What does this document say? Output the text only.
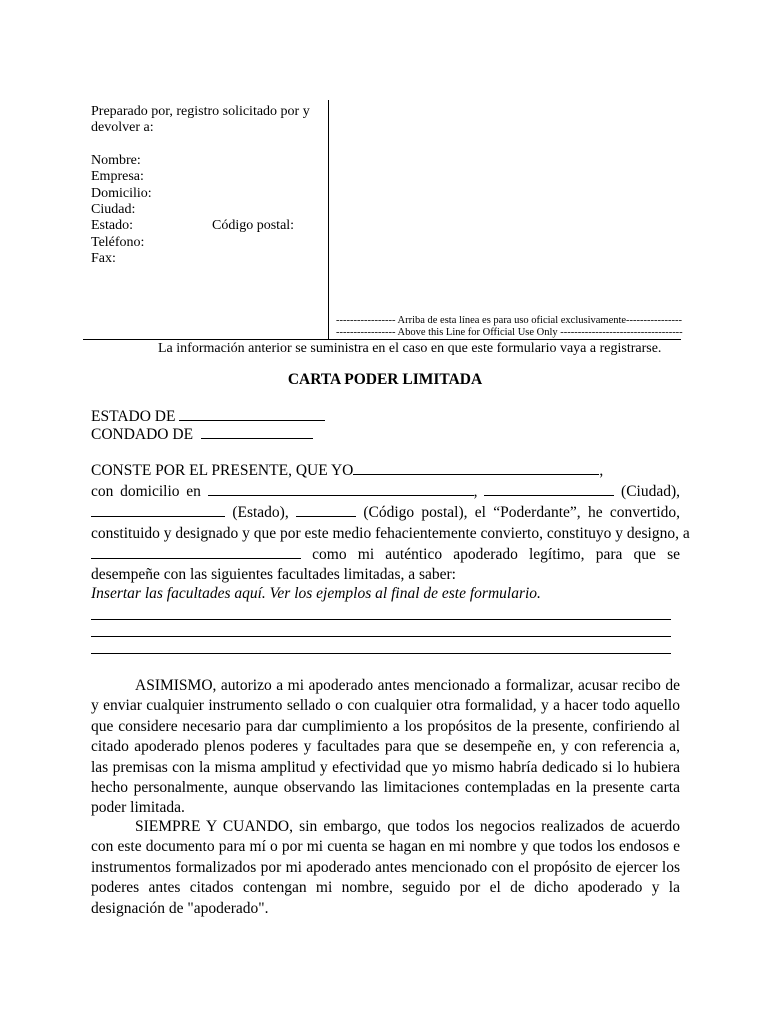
Preparado por, registro solicitado por y
devolver a:
Nombre:
Empresa:
Domicilio:
Ciudad:
Estado:	Código postal:
Teléfono:
Fax:
----------------- Arriba de esta línea es para uso oficial exclusivamente----------------
----------------- Above this Line for Official Use Only -----------------------------------
La información anterior se suministra en el caso en que este formulario vaya a registrarse.
CARTA PODER LIMITADA
ESTADO DE
CONDADO DE
CONSTE POR EL PRESENTE, QUE YO	,
con domicilio en	,	(Ciudad),
(Estado),	(Código postal), el “Poderdante”, he convertido,
constituido y designado y que por este medio fehacientemente convierto, constituyo y designo, a
como mi auténtico apoderado legítimo, para que se
desempeñe con las siguientes facultades limitadas, a saber:
Insertar las facultades aquí. Ver los ejemplos al final de este formulario.
ASIMISMO, autorizo a mi apoderado antes mencionado a formalizar, acusar recibo de y enviar cualquier instrumento sellado o con cualquier otra formalidad, y a hacer todo aquello que considere necesario para dar cumplimiento a los propósitos de la presente, confiriendo al citado apoderado plenos poderes y facultades para que se desempeñe en, y con referencia a, las premisas con la misma amplitud y efectividad que yo mismo habría dedicado si lo hubiera hecho personalmente, aunque observando las limitaciones contempladas en la presente carta poder limitada.
SIEMPRE Y CUANDO, sin embargo, que todos los negocios realizados de acuerdo con este documento para mí o por mi cuenta se hagan en mi nombre y que todos los endosos e instrumentos formalizados por mi apoderado antes mencionado con el propósito de ejercer los poderes antes citados contengan mi nombre, seguido por el de dicho apoderado y la designación de "apoderado".
